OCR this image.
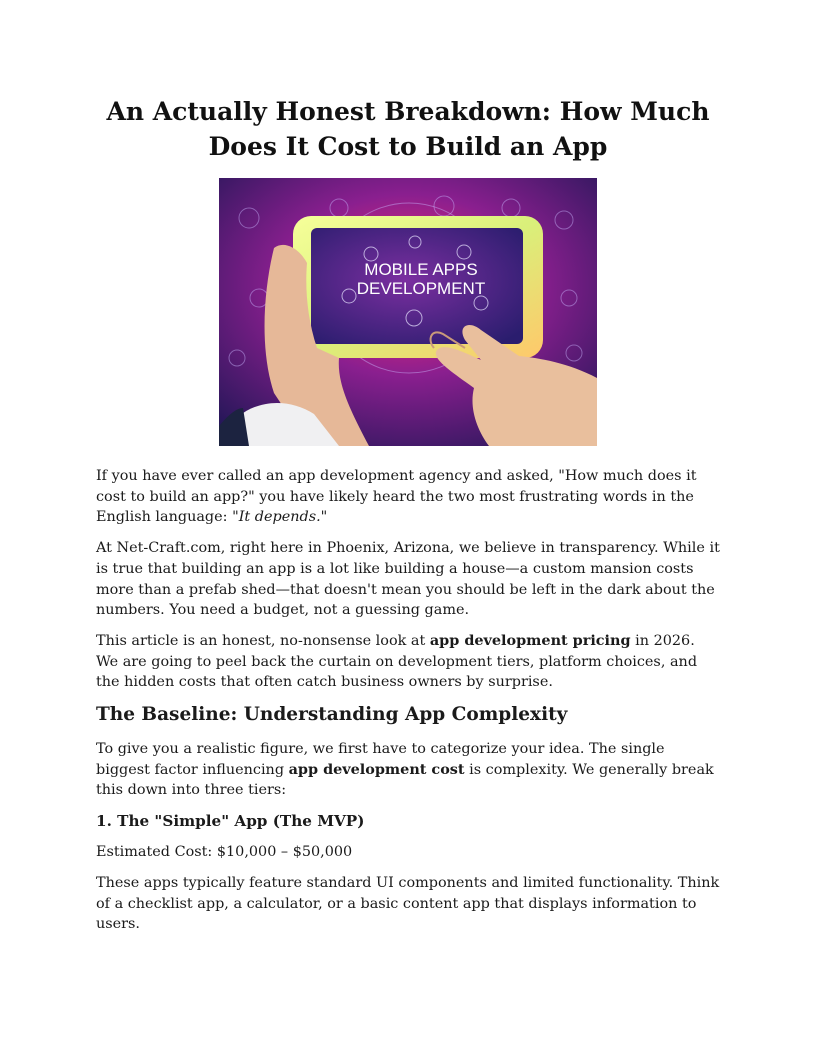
An Actually Honest Breakdown: How Much Does It Cost to Build an App
MOBILE APPS
DEVELOPMENT

If you have ever called an app development agency and asked, "How much does it cost to build an app?" you have likely heard the two most frustrating words in the English language: "It depends."

At Net-Craft.com, right here in Phoenix, Arizona, we believe in transparency. While it is true that building an app is a lot like building a house—a custom mansion costs more than a prefab shed—that doesn't mean you should be left in the dark about the numbers. You need a budget, not a guessing game.

This article is an honest, no-nonsense look at app development pricing in 2026. We are going to peel back the curtain on development tiers, platform choices, and the hidden costs that often catch business owners by surprise.

The Baseline: Understanding App Complexity

To give you a realistic figure, we first have to categorize your idea. The single biggest factor influencing app development cost is complexity. We generally break this down into three tiers:

1. The "Simple" App (The MVP)

Estimated Cost: $10,000 – $50,000

These apps typically feature standard UI components and limited functionality. Think of a checklist app, a calculator, or a basic content app that displays information to users.
